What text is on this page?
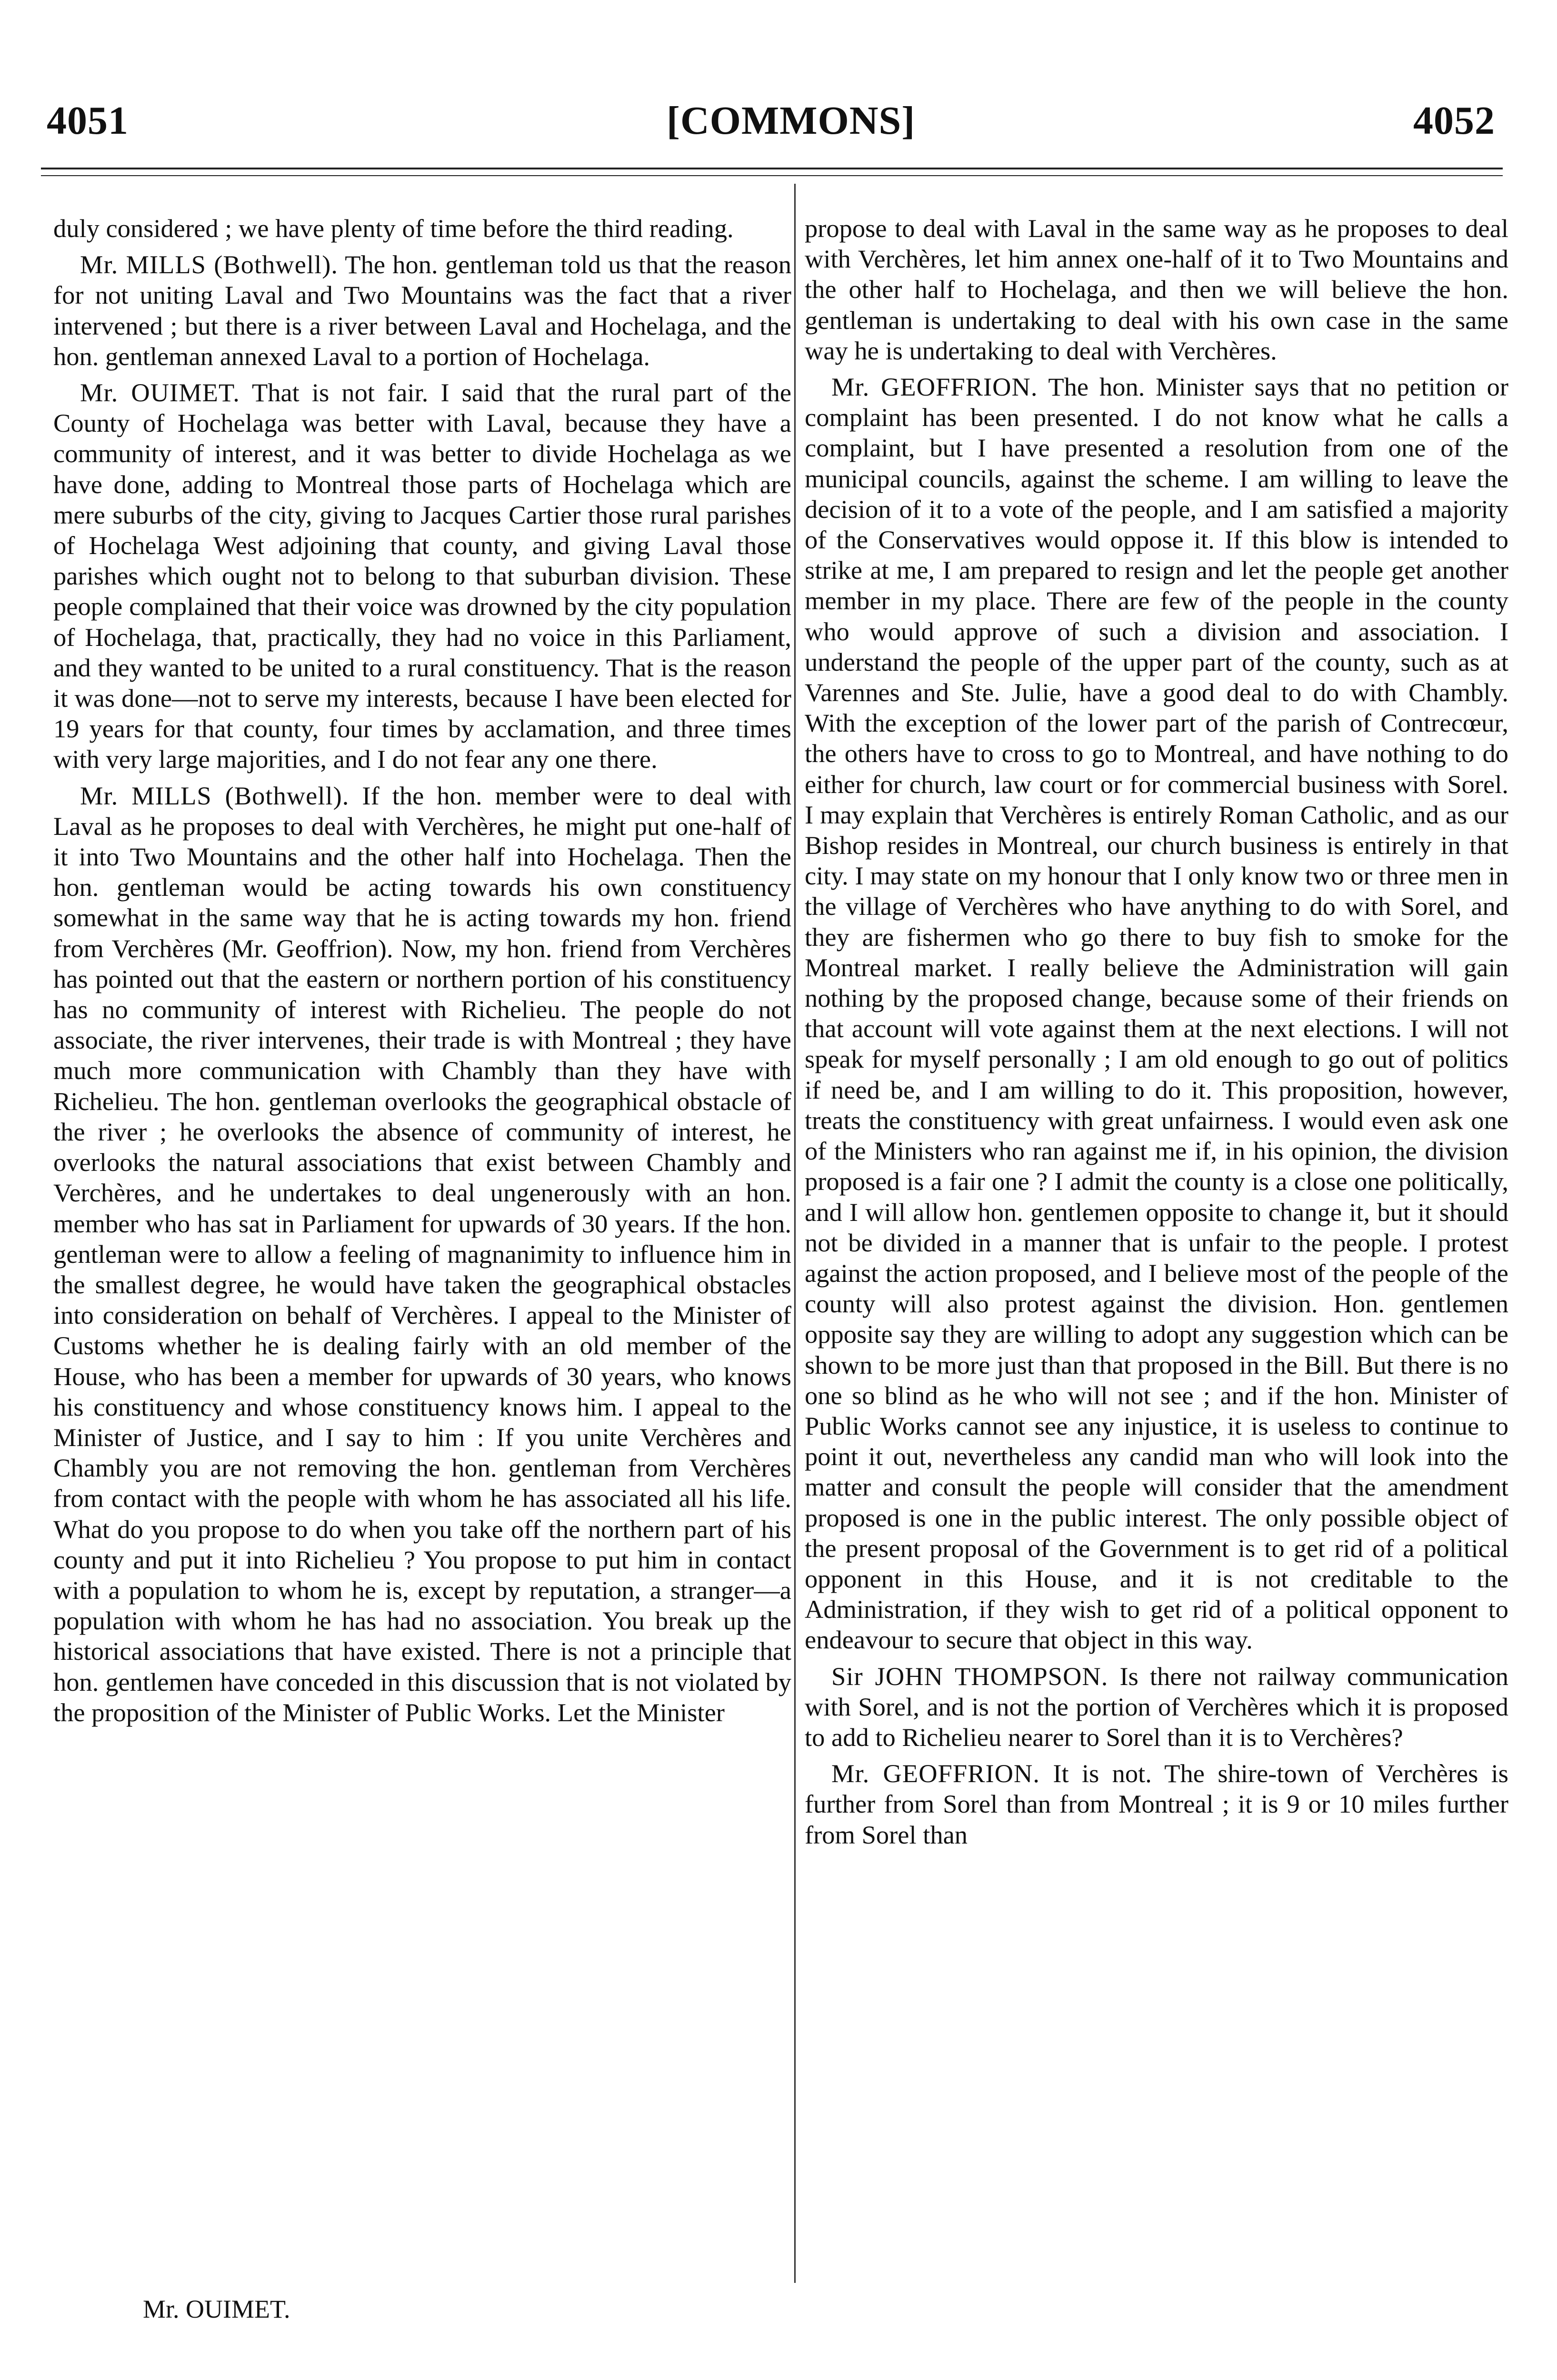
4051	[COMMONS]	4052

duly considered ; we have plenty of time before the third reading.

Mr. MILLS (Bothwell). The hon. gentleman told us that the reason for not uniting Laval and Two Mountains was the fact that a river intervened ; but there is a river between Laval and Hochelaga, and the hon. gentleman annexed Laval to a portion of Hochelaga.

Mr. OUIMET. That is not fair. I said that the rural part of the County of Hochelaga was better with Laval, because they have a community of interest, and it was better to divide Hochelaga as we have done, adding to Montreal those parts of Hochelaga which are mere suburbs of the city, giving to Jacques Cartier those rural parishes of Hochelaga West adjoining that county, and giving Laval those parishes which ought not to belong to that suburban division. These people complained that their voice was drowned by the city population of Hochelaga, that, practically, they had no voice in this Parliament, and they wanted to be united to a rural constituency. That is the reason it was done—not to serve my interests, because I have been elected for 19 years for that county, four times by acclamation, and three times with very large majorities, and I do not fear any one there.

Mr. MILLS (Bothwell). If the hon. member were to deal with Laval as he proposes to deal with Verchères, he might put one-half of it into Two Mountains and the other half into Hochelaga. Then the hon. gentleman would be acting towards his own constituency somewhat in the same way that he is acting towards my hon. friend from Verchères (Mr. Geoffrion). Now, my hon. friend from Verchères has pointed out that the eastern or northern portion of his constituency has no community of interest with Richelieu. The people do not associate, the river intervenes, their trade is with Montreal ; they have much more communication with Chambly than they have with Richelieu. The hon. gentleman overlooks the geographical obstacle of the river ; he overlooks the absence of community of interest, he overlooks the natural associations that exist between Chambly and Verchères, and he undertakes to deal ungenerously with an hon. member who has sat in Parliament for upwards of 30 years. If the hon. gentleman were to allow a feeling of magnanimity to influence him in the smallest degree, he would have taken the geographical obstacles into consideration on behalf of Verchères. I appeal to the Minister of Customs whether he is dealing fairly with an old member of the House, who has been a member for upwards of 30 years, who knows his constituency and whose constituency knows him. I appeal to the Minister of Justice, and I say to him : If you unite Verchères and Chambly you are not removing the hon. gentleman from Verchères from contact with the people with whom he has associated all his life. What do you propose to do when you take off the northern part of his county and put it into Richelieu ? You propose to put him in contact with a population to whom he is, except by reputation, a stranger—a population with whom he has had no association. You break up the historical associations that have existed. There is not a principle that hon. gentlemen have conceded in this discussion that is not violated by the proposition of the Minister of Public Works. Let the Minister

propose to deal with Laval in the same way as he proposes to deal with Verchères, let him annex one-half of it to Two Mountains and the other half to Hochelaga, and then we will believe the hon. gentleman is undertaking to deal with his own case in the same way he is undertaking to deal with Verchères.

Mr. GEOFFRION. The hon. Minister says that no petition or complaint has been presented. I do not know what he calls a complaint, but I have presented a resolution from one of the municipal councils, against the scheme. I am willing to leave the decision of it to a vote of the people, and I am satisfied a majority of the Conservatives would oppose it. If this blow is intended to strike at me, I am prepared to resign and let the people get another member in my place. There are few of the people in the county who would approve of such a division and association. I understand the people of the upper part of the county, such as at Varennes and Ste. Julie, have a good deal to do with Chambly. With the exception of the lower part of the parish of Contrecœur, the others have to cross to go to Montreal, and have nothing to do either for church, law court or for commercial business with Sorel. I may explain that Verchères is entirely Roman Catholic, and as our Bishop resides in Montreal, our church business is entirely in that city. I may state on my honour that I only know two or three men in the village of Verchères who have anything to do with Sorel, and they are fishermen who go there to buy fish to smoke for the Montreal market. I really believe the Administration will gain nothing by the proposed change, because some of their friends on that account will vote against them at the next elections. I will not speak for myself personally ; I am old enough to go out of politics if need be, and I am willing to do it. This proposition, however, treats the constituency with great unfairness. I would even ask one of the Ministers who ran against me if, in his opinion, the division proposed is a fair one ? I admit the county is a close one politically, and I will allow hon. gentlemen opposite to change it, but it should not be divided in a manner that is unfair to the people. I protest against the action proposed, and I believe most of the people of the county will also protest against the division. Hon. gentlemen opposite say they are willing to adopt any suggestion which can be shown to be more just than that proposed in the Bill. But there is no one so blind as he who will not see ; and if the hon. Minister of Public Works cannot see any injustice, it is useless to continue to point it out, nevertheless any candid man who will look into the matter and consult the people will consider that the amendment proposed is one in the public interest. The only possible object of the present proposal of the Government is to get rid of a political opponent in this House, and it is not creditable to the Administration, if they wish to get rid of a political opponent to endeavour to secure that object in this way.

Sir JOHN THOMPSON. Is there not railway communication with Sorel, and is not the portion of Verchères which it is proposed to add to Richelieu nearer to Sorel than it is to Verchères?

Mr. GEOFFRION. It is not. The shire-town of Verchères is further from Sorel than from Montreal ; it is 9 or 10 miles further from Sorel than

Mr. OUIMET.
